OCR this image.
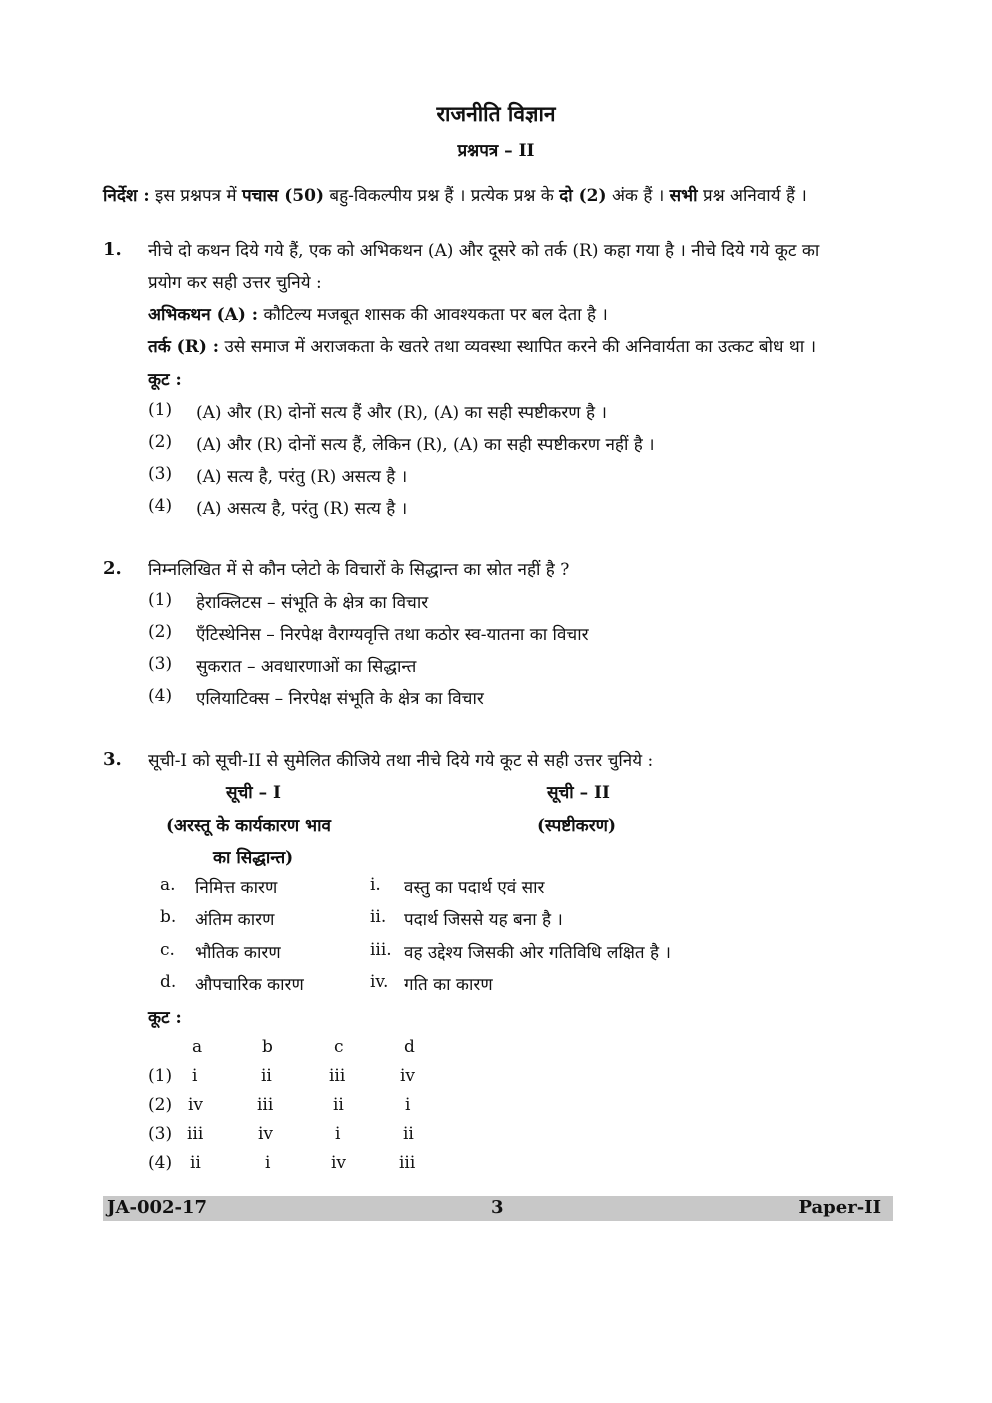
राजनीति विज्ञान
प्रश्नपत्र – II
निर्देश : इस प्रश्नपत्र में पचास (50) बहु-विकल्पीय प्रश्न हैं । प्रत्येक प्रश्न के दो (2) अंक हैं । सभी प्रश्न अनिवार्य हैं ।
1. नीचे दो कथन दिये गये हैं, एक को अभिकथन (A) और दूसरे को तर्क (R) कहा गया है । नीचे दिये गये कूट का
प्रयोग कर सही उत्तर चुनिये :
अभिकथन (A) : कौटिल्य मजबूत शासक की आवश्यकता पर बल देता है ।
तर्क (R) : उसे समाज में अराजकता के खतरे तथा व्यवस्था स्थापित करने की अनिवार्यता का उत्कट बोध था ।
कूट :
(1) (A) और (R) दोनों सत्य हैं और (R), (A) का सही स्पष्टीकरण है ।
(2) (A) और (R) दोनों सत्य हैं, लेकिन (R), (A) का सही स्पष्टीकरण नहीं है ।
(3) (A) सत्य है, परंतु (R) असत्य है ।
(4) (A) असत्य है, परंतु (R) सत्य है ।
2. निम्नलिखित में से कौन प्लेटो के विचारों के सिद्धान्त का स्रोत नहीं है ?
(1) हेराक्लिटस – संभूति के क्षेत्र का विचार
(2) एँटिस्थेनिस – निरपेक्ष वैराग्यवृत्ति तथा कठोर स्व-यातना का विचार
(3) सुकरात – अवधारणाओं का सिद्धान्त
(4) एलियाटिक्स – निरपेक्ष संभूति के क्षेत्र का विचार
3. सूची-I को सूची-II से सुमेलित कीजिये तथा नीचे दिये गये कूट से सही उत्तर चुनिये :
सूची – I
(अरस्तू के कार्यकारण भाव
का सिद्धान्त)
सूची – II
(स्पष्टीकरण)
a. निमित्त कारण	i. वस्तु का पदार्थ एवं सार
b. अंतिम कारण	ii. पदार्थ जिससे यह बना है ।
c. भौतिक कारण	iii. वह उद्देश्य जिसकी ओर गतिविधि लक्षित है ।
d. औपचारिक कारण	iv. गति का कारण
कूट :
a	b	c	d
(1) i	ii	iii	iv
(2) iv	iii	ii	i
(3) iii	iv	i	ii
(4) ii	i	iv	iii
JA-002-17	3	Paper-II
